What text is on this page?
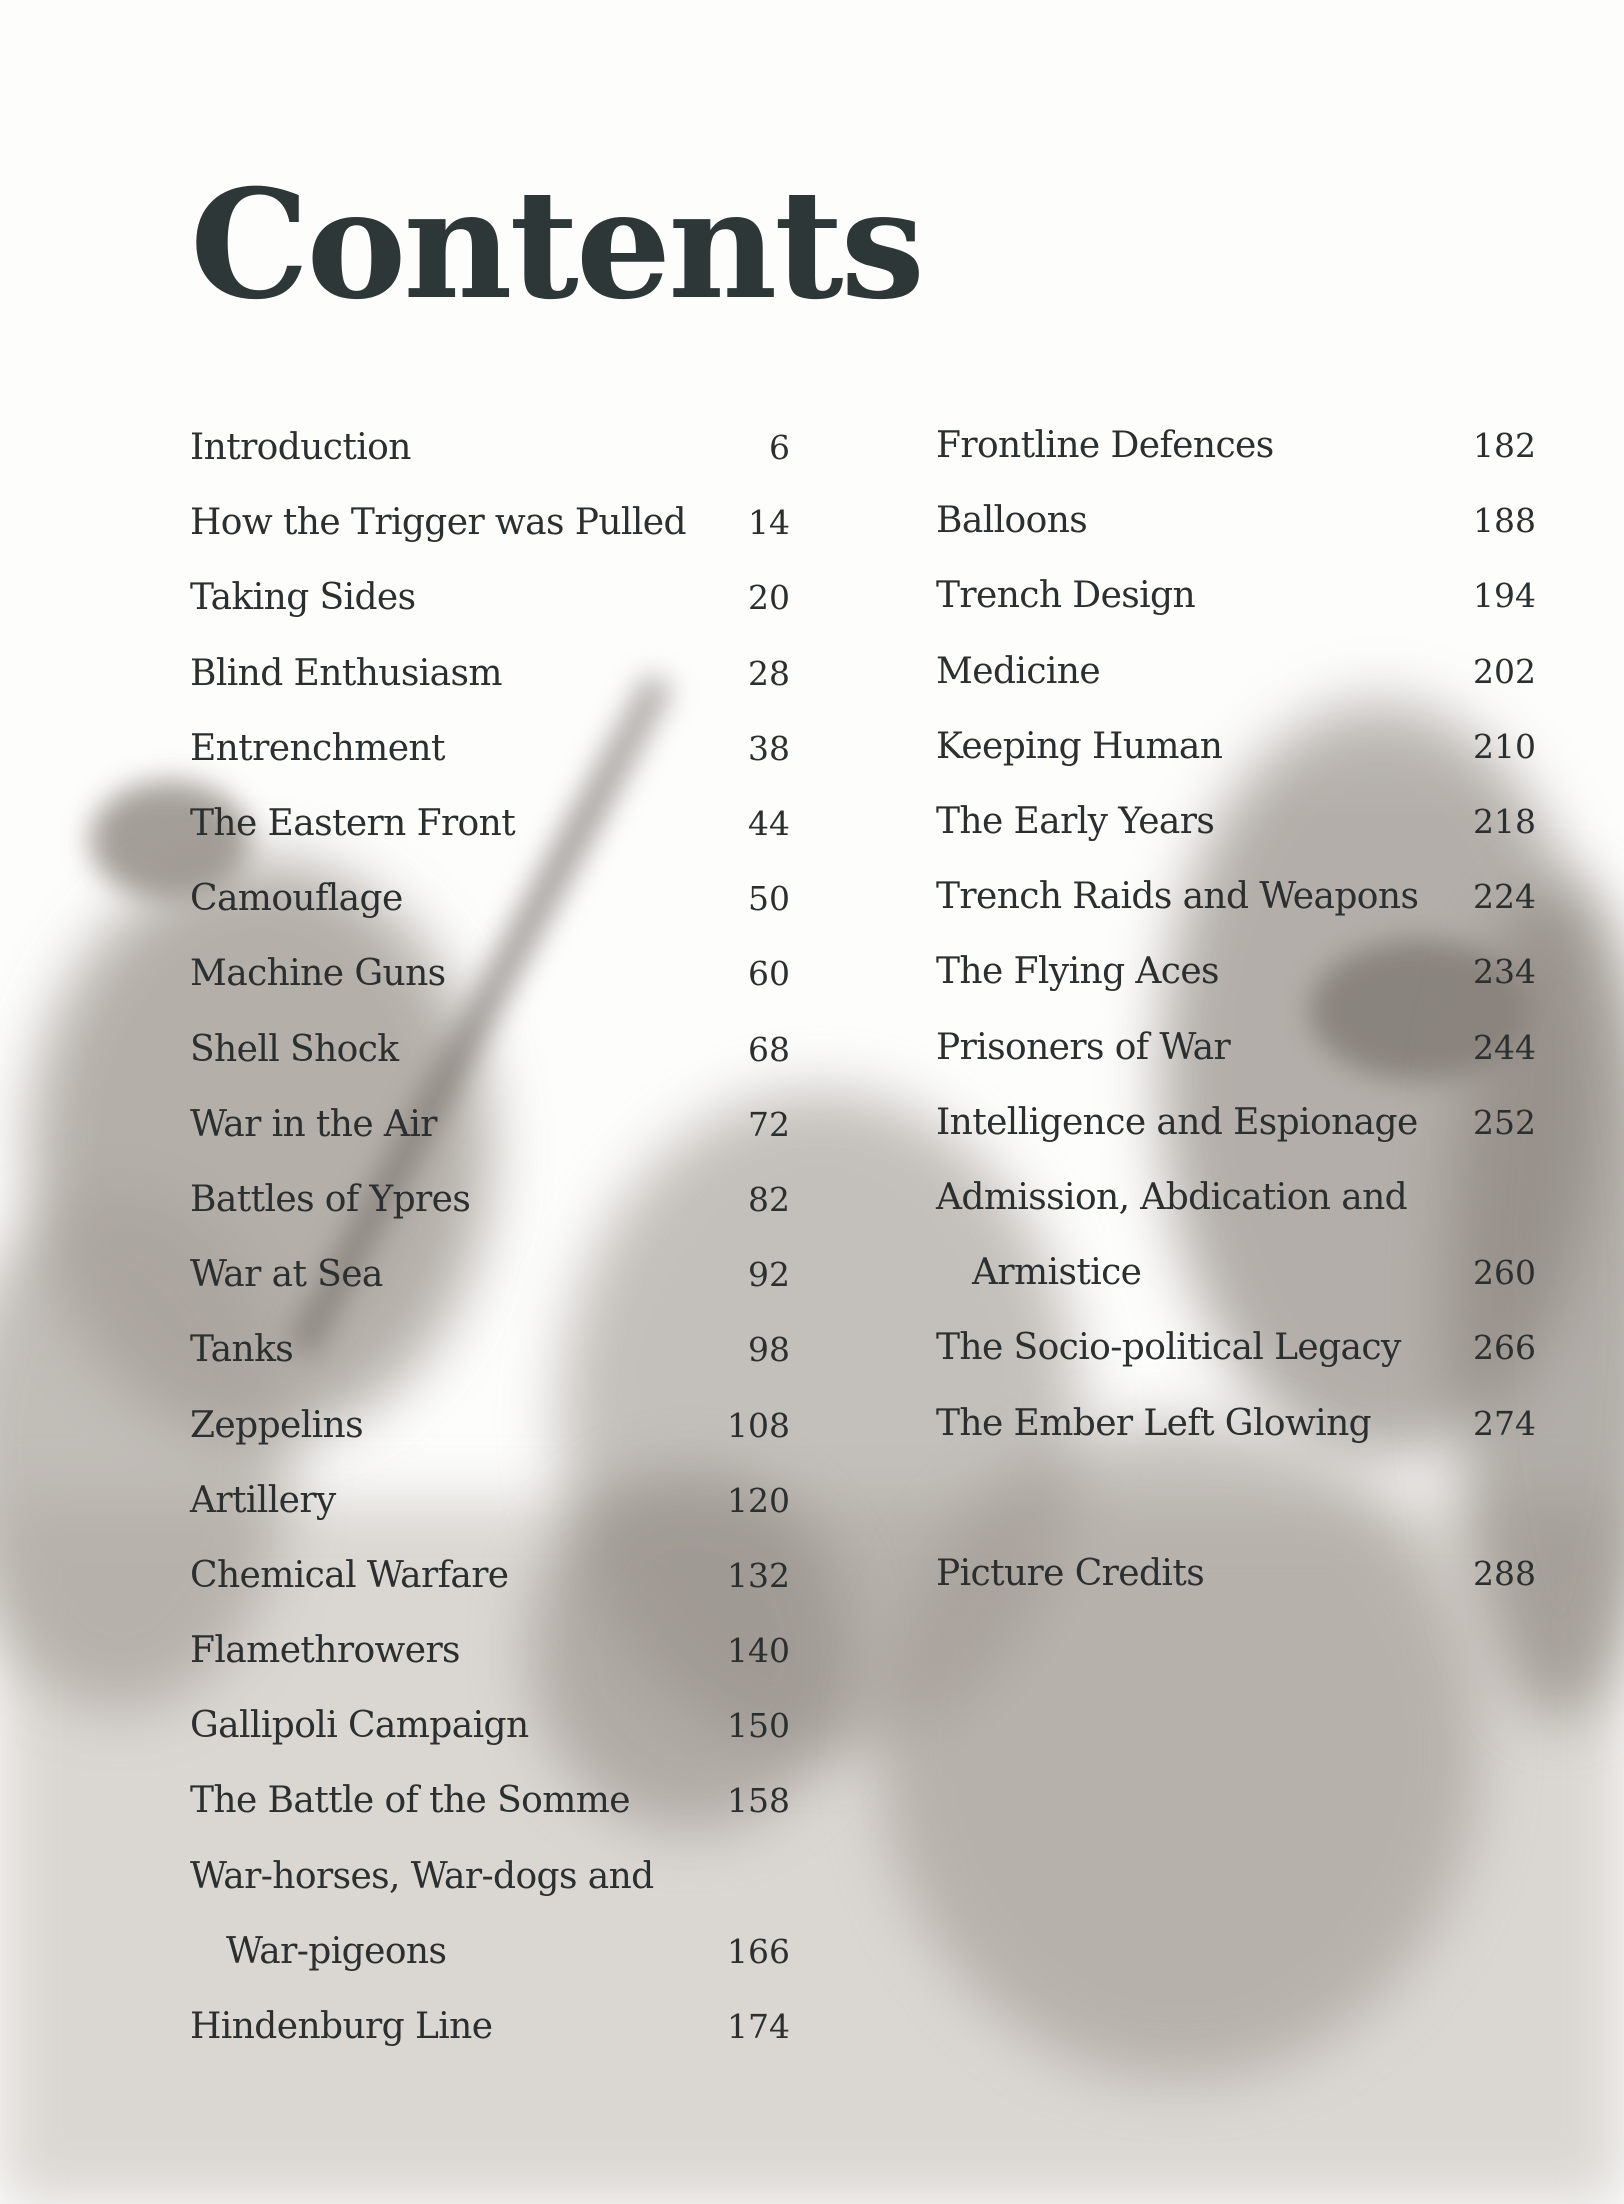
Contents
Introduction	6
How the Trigger was Pulled	14
Taking Sides	20
Blind Enthusiasm	28
Entrenchment	38
The Eastern Front	44
Camouflage	50
Machine Guns	60
Shell Shock	68
War in the Air	72
Battles of Ypres	82
War at Sea	92
Tanks	98
Zeppelins	108
Artillery	120
Chemical Warfare	132
Flamethrowers	140
Gallipoli Campaign	150
The Battle of the Somme	158
War-horses, War-dogs and
War-pigeons	166
Hindenburg Line	174
Frontline Defences	182
Balloons	188
Trench Design	194
Medicine	202
Keeping Human	210
The Early Years	218
Trench Raids and Weapons 224
The Flying Aces	234
Prisoners of War	244
Intelligence and Espionage 252
Admission, Abdication and
Armistice	260
The Socio-political Legacy 266
The Ember Left Glowing	274
Picture Credits	288
